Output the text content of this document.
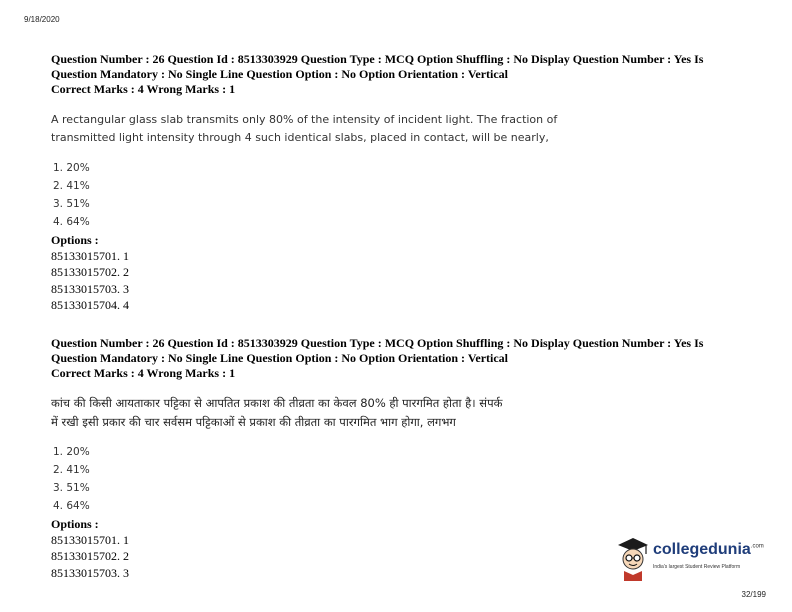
9/18/2020
Question Number : 26 Question Id : 8513303929 Question Type : MCQ Option Shuffling : No Display Question Number : Yes Is
Question Mandatory : No Single Line Question Option : No Option Orientation : Vertical
Correct Marks : 4 Wrong Marks : 1
A rectangular glass slab transmits only 80% of the intensity of incident light. The fraction of
transmitted light intensity through 4 such identical slabs, placed in contact, will be nearly,
1. 20%
2. 41%
3. 51%
4. 64%
Options :
85133015701. 1
85133015702. 2
85133015703. 3
85133015704. 4
Question Number : 26 Question Id : 8513303929 Question Type : MCQ Option Shuffling : No Display Question Number : Yes Is
Question Mandatory : No Single Line Question Option : No Option Orientation : Vertical
Correct Marks : 4 Wrong Marks : 1
कांच की किसी आयताकार पट्टिका से आपतित प्रकाश की तीव्रता का केवल 80% ही पारगमित होता है। संपर्क
में रखी इसी प्रकार की चार सर्वसम पट्टिकाओं से प्रकाश की तीव्रता का पारगमित भाग होगा, लगभग
1. 20%
2. 41%
3. 51%
4. 64%
Options :
85133015701. 1
85133015702. 2
85133015703. 3
collegedunia$^{.com}$
India's largest Student Review Platform
32/199
